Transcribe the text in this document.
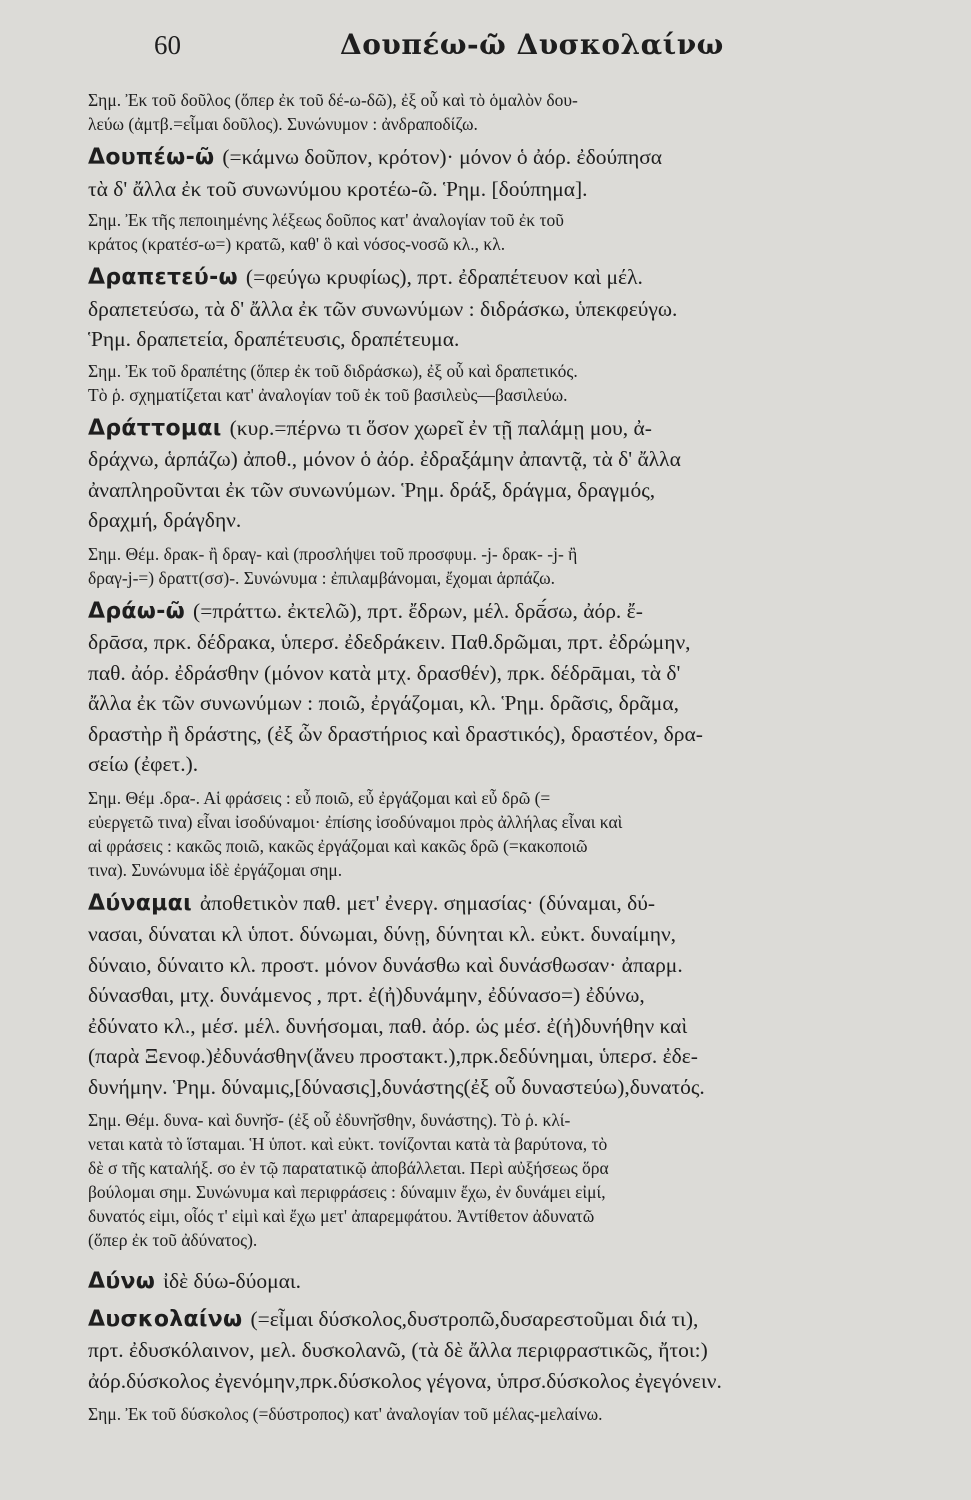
60	Δουπέω-ῶ Δυσκολαίνω

Σημ. Ἐκ τοῦ δοῦλος (ὅπερ ἐκ τοῦ δέ-ω-δῶ), ἐξ οὗ καὶ τὸ ὁμαλὸν δου-

λεύω (ἀμτβ.=εἶμαι δοῦλος). Συνώνυμον : ἀνδραποδίζω.

Δουπέω-ῶ (=κάμνω δοῦπον, κρότον)· μόνον ὁ ἀόρ. ἐδούπησα

τὰ δ' ἄλλα ἐκ τοῦ συνωνύμου κροτέω-ῶ. Ῥημ. [δούπημα].

Σημ. Ἐκ τῆς πεποιημένης λέξεως δοῦπος κατ' ἀναλογίαν τοῦ ἐκ τοῦ

κράτος (κρατέσ-ω=) κρατῶ, καθ' ὃ καὶ νόσος-νοσῶ κλ., κλ.

Δραπετεύ-ω (=φεύγω κρυφίως), πρτ. ἐδραπέτευον καὶ μέλ.

δραπετεύσω, τὰ δ' ἄλλα ἐκ τῶν συνωνύμων : διδράσκω, ὑπεκφεύγω.

Ῥημ. δραπετεία, δραπέτευσις, δραπέτευμα.

Σημ. Ἐκ τοῦ δραπέτης (ὅπερ ἐκ τοῦ διδράσκω), ἐξ οὗ καὶ δραπετικός.

Τὸ ῥ. σχηματίζεται κατ' ἀναλογίαν τοῦ ἐκ τοῦ βασιλεὺς—βασιλεύω.

Δράττομαι (κυρ.=πέρνω τι ὅσον χωρεῖ ἐν τῇ παλάμῃ μου, ἀ-

δράχνω, ἁρπάζω) ἀποθ., μόνον ὁ ἀόρ. ἐδραξάμην ἀπαντᾷ, τὰ δ' ἄλλα

ἀναπληροῦνται ἐκ τῶν συνωνύμων. Ῥημ. δράξ, δράγμα, δραγμός,

δραχμή, δράγδην.

Σημ. Θέμ. δρακ- ἢ δραγ- καὶ (προσλήψει τοῦ προσφυμ. -j- δρακ- -j- ἢ

δραγ-j-=) δραττ(σσ)-. Συνώνυμα : ἐπιλαμβάνομαι, ἔχομαι ἁρπάζω.

Δράω-ῶ (=πράττω. ἐκτελῶ), πρτ. ἔδρων, μέλ. δρᾱ́σω, ἀόρ. ἔ-

δρᾱσα, πρκ. δέδρακα, ὑπερσ. ἐδεδράκειν. Παθ.δρῶμαι, πρτ. ἐδρώμην,

παθ. ἀόρ. ἐδράσθην (μόνον κατὰ μτχ. δρασθέν), πρκ. δέδρᾱμαι, τὰ δ'

ἄλλα ἐκ τῶν συνωνύμων : ποιῶ, ἐργάζομαι, κλ. Ῥημ. δρᾶσις, δρᾶμα,

δραστὴρ ἢ δράστης, (ἐξ ὧν δραστήριος καὶ δραστικός), δραστέον, δρα-

σείω (ἐφετ.).

Σημ. Θέμ .δρα-. Αἱ φράσεις : εὖ ποιῶ, εὖ ἐργάζομαι καὶ εὖ δρῶ (=

εὐεργετῶ τινα) εἶναι ἰσοδύναμοι· ἐπίσης ἰσοδύναμοι πρὸς ἀλλήλας εἶναι καὶ

αἱ φράσεις : κακῶς ποιῶ, κακῶς ἐργάζομαι καὶ κακῶς δρῶ (=κακοποιῶ

τινα). Συνώνυμα ἰδὲ ἐργάζομαι σημ.

Δύναμαι ἀποθετικὸν παθ. μετ' ἐνεργ. σημασίας· (δύναμαι, δύ-

νασαι, δύναται κλ ὑποτ. δύνωμαι, δύνῃ, δύνηται κλ. εὐκτ. δυναίμην,

δύναιο, δύναιτο κλ. προστ. μόνον δυνάσθω καὶ δυνάσθωσαν· ἀπαρμ.

δύνασθαι, μτχ. δυνάμενος , πρτ. ἐ(ἠ)δυνάμην, ἐδύνασο=) ἐδύνω,

ἐδύνατο κλ., μέσ. μέλ. δυνήσομαι, παθ. ἀόρ. ὡς μέσ. ἐ(ἠ)δυνήθην καὶ

(παρὰ Ξενοφ.)ἐδυνάσθην(ἄνευ προστακτ.),πρκ.δεδύνημαι, ὑπερσ. ἐδε-

δυνήμην. Ῥημ. δύναμις,[δύνασις],δυνάστης(ἐξ οὗ δυναστεύω),δυνατός.

Σημ. Θέμ. δυνα- καὶ δυνη̆σ- (ἐξ οὗ ἐδυνη̆σθην, δυνάστης). Τὸ ῥ. κλί-

νεται κατὰ τὸ ἵσταμαι. Ἡ ὑποτ. καὶ εὐκτ. τονίζονται κατὰ τὰ βαρύτονα, τὸ

δὲ σ τῆς καταλήξ. σο ἐν τῷ παρατατικῷ ἀποβάλλεται. Περὶ αὐξήσεως ὅρα

βούλομαι σημ. Συνώνυμα καὶ περιφράσεις : δύναμιν ἔχω, ἐν δυνάμει εἰμί,

δυνατός εἰμι, οἷός τ' εἰμὶ καὶ ἔχω μετ' ἀπαρεμφάτου. Ἀντίθετον ἀδυνατῶ

(ὅπερ ἐκ τοῦ ἀδύνατος).

Δύνω ἰδὲ δύω-δύομαι.

Δυσκολαίνω (=εἶμαι δύσκολος,δυστροπῶ,δυσαρεστοῦμαι διά τι),

πρτ. ἐδυσκόλαινον, μελ. δυσκολανῶ, (τὰ δὲ ἄλλα περιφραστικῶς, ἤτοι:)

ἀόρ.δύσκολος ἐγενόμην,πρκ.δύσκολος γέγονα, ὑπρσ.δύσκολος ἐγεγόνειν.

Σημ. Ἐκ τοῦ δύσκολος (=δύστροπος) κατ' ἀναλογίαν τοῦ μέλας-μελαίνω.
